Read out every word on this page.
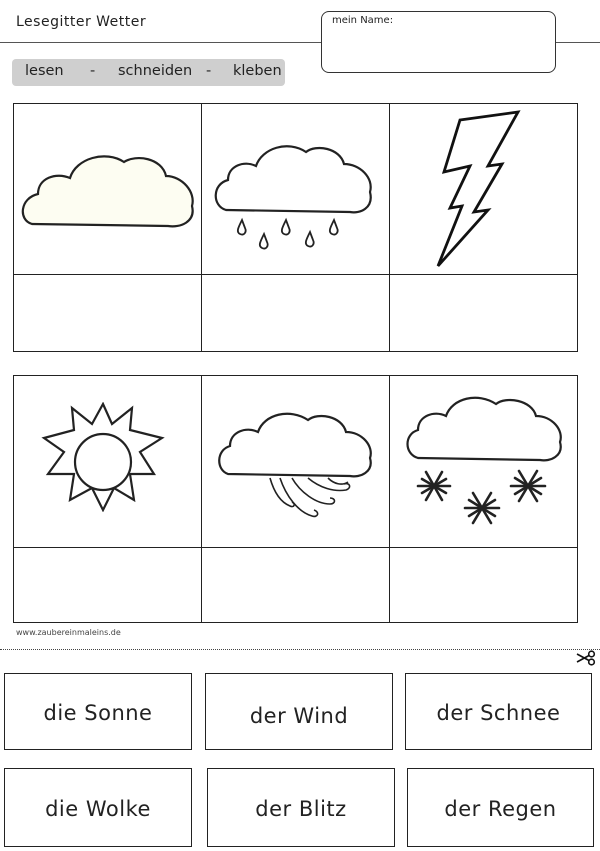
Lesegitter Wetter	mein Name:
lesen - schneiden - kleben
www.zaubereinmaleins.de
die Sonne	der Wind	der Schnee
die Wolke	der Blitz	der Regen
